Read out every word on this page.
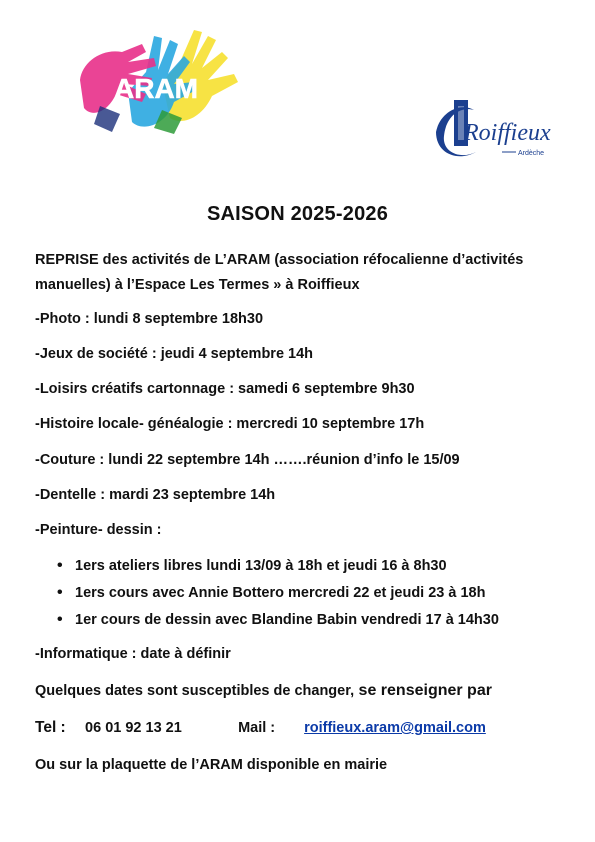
ARAM
Roiffieux
Ardèche
SAISON 2025-2026
REPRISE des activités de L’ARAM (association réfocalienne d’activités
manuelles) à l’Espace Les Termes » à Roiffieux
-Photo : lundi 8 septembre 18h30
-Jeux de société : jeudi 4 septembre 14h
-Loisirs créatifs cartonnage : samedi 6 septembre 9h30
-Histoire locale- généalogie : mercredi 10 septembre 17h
-Couture : lundi 22 septembre 14h …….réunion d’info le 15/09
-Dentelle : mardi 23 septembre 14h
-Peinture- dessin :
• 1ers ateliers libres lundi 13/09 à 18h et jeudi 16 à 8h30
• 1ers cours avec Annie Bottero mercredi 22 et jeudi 23 à 18h
• 1er cours de dessin avec Blandine Babin vendredi 17 à 14h30
-Informatique : date à définir
Quelques dates sont susceptibles de changer, se renseigner par
Tel : 06 01 92 13 21	Mail : roiffieux.aram@gmail.com
Ou sur la plaquette de l’ARAM disponible en mairie
